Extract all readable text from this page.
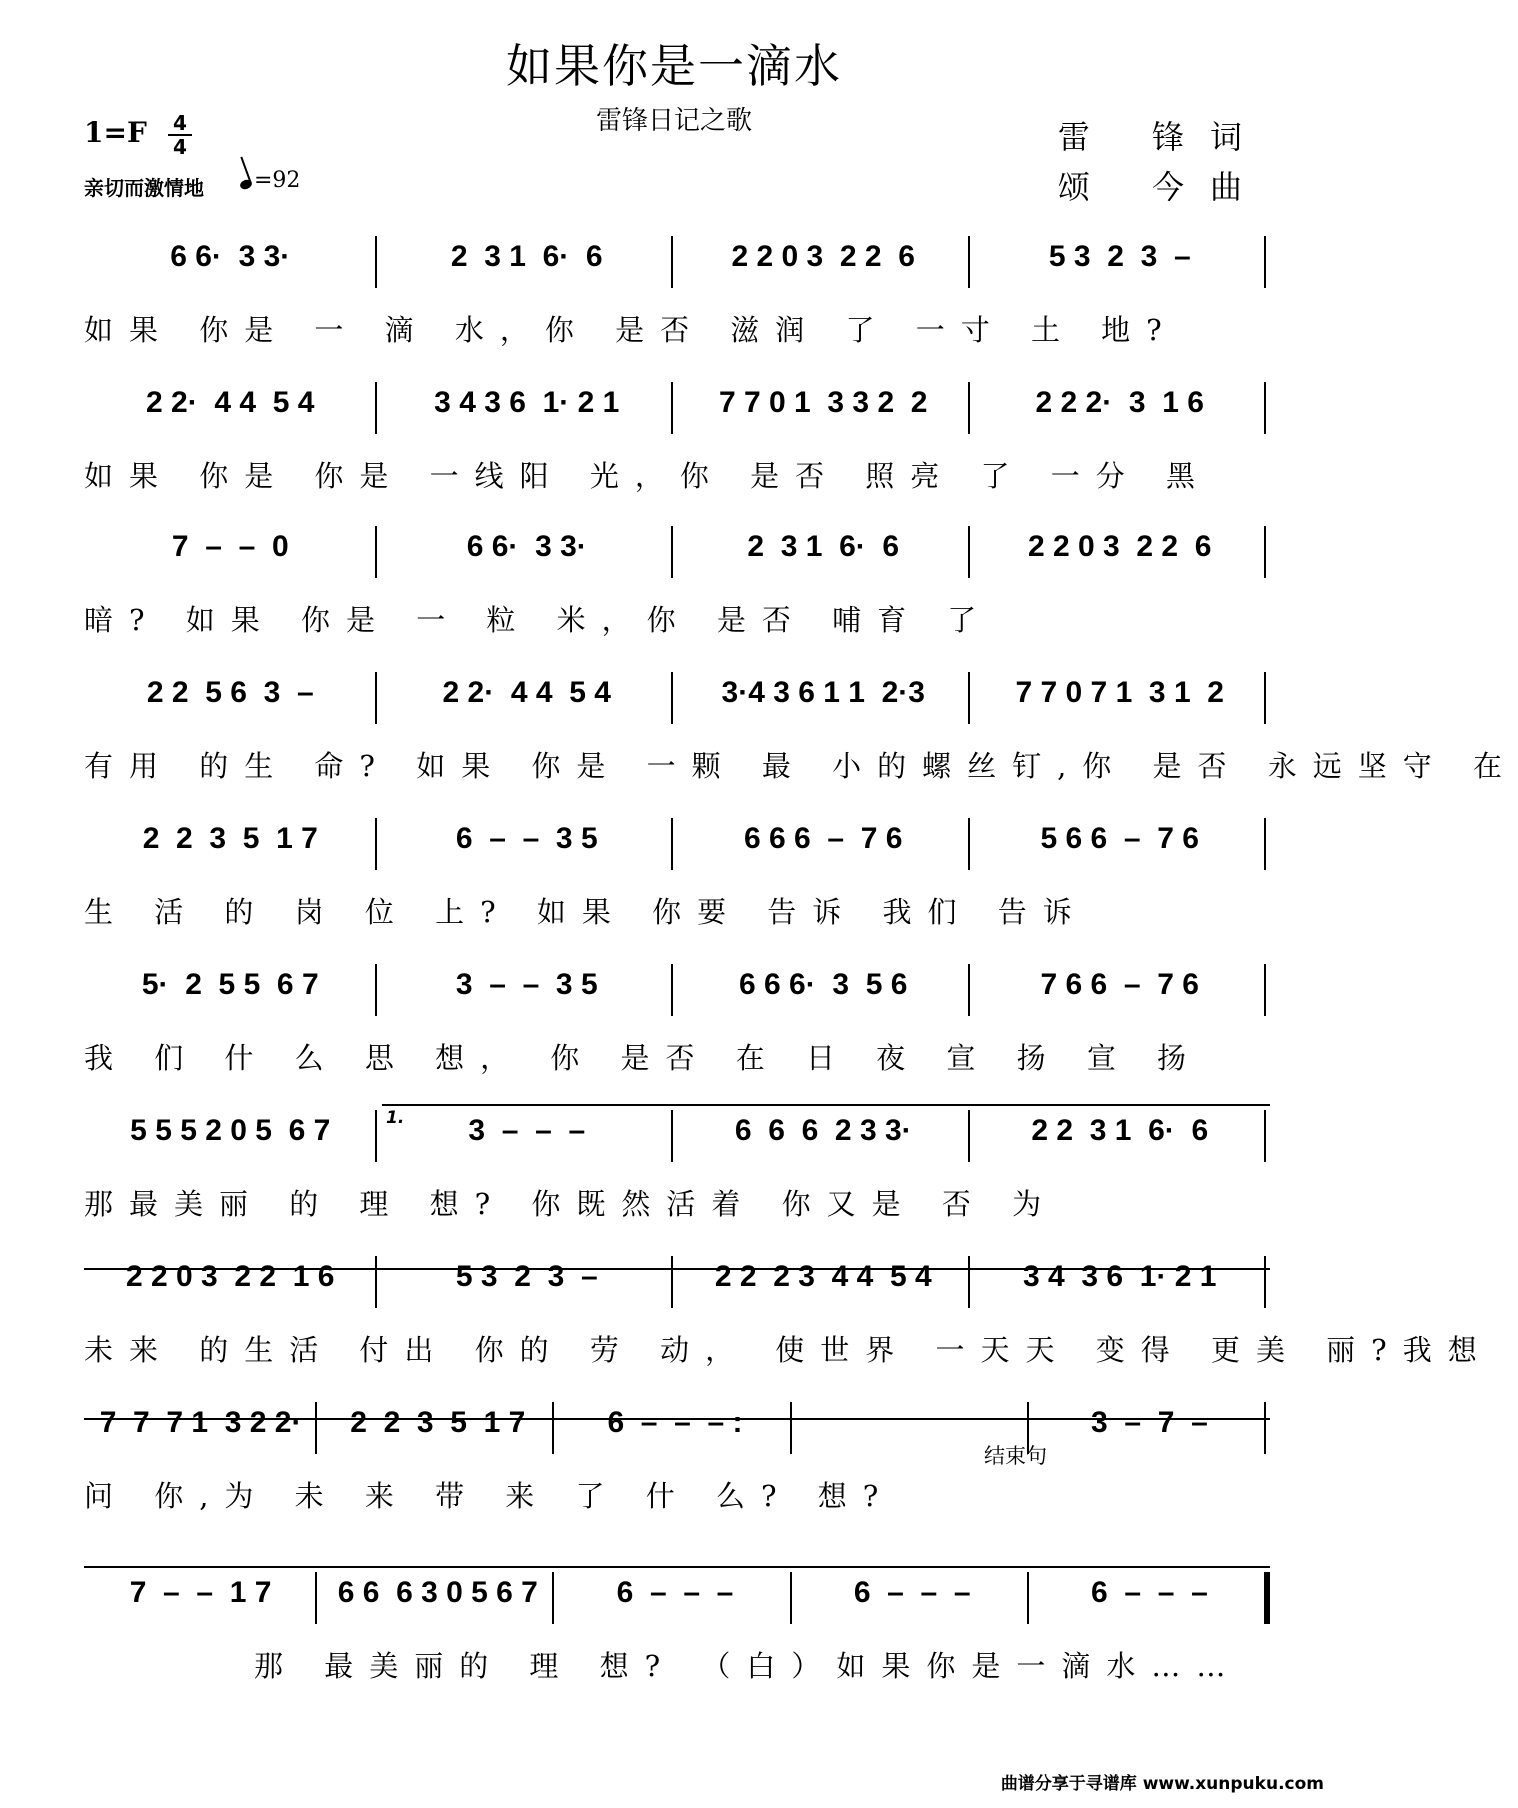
如果你是一滴水
雷锋日记之歌
1=F 4
4
亲切而激情地	=92
雷 锋词
颂 今曲
6 6·  3 3·	2  3 1  6·  6	2 2 0 3  2 2  6	5 3  2  3  –
如果 你是 一 滴 水，你 是否 滋润 了 一寸 土 地?
2 2·  4 4  5 4	3 4 3 6  1· 2 1	7 7 0 1  3 3 2  2	2 2 2·  3  1 6
如果 你是 你是 一线阳 光，你 是否 照亮 了 一分 黑
7  –  –  0	6 6·  3 3·	2  3 1  6·  6	2 2 0 3  2 2  6
暗? 如果 你是 一 粒 米，你 是否 哺育 了
2 2  5 6  3  –	2 2·  4 4  5 4	3·4 3 6 1 1  2·3	7 7 0 7 1  3 1  2
有用 的生 命? 如果 你是 一颗 最 小的螺丝钉,你 是否 永远坚守 在
2  2  3  5  1 7	6  –  –  3 5	6 6 6  –  7 6	5 6 6  –  7 6
生 活 的 岗 位 上? 如果 你要 告诉 我们 告诉
5·  2  5 5  6 7	3  –  –  3 5	6 6 6·  3  5 6	7 6 6  –  7 6
我 们 什 么 思 想， 你 是否 在 日 夜 宣 扬 宣 扬
5 5 5 2 0 5  6 7	3  –  –  –	6  6  6  2 3 3·	2 2  3 1  6·  6
那最美丽 的 理 想? 你既然活着 你又是 否 为
2 2 0 3  2 2  1 6	5 3  2  3  –	2 2  2 3  4 4  5 4	3 4  3 6  1· 2 1
未来 的生活 付出 你的 劳 动， 使世界 一天天 变得 更美 丽?我想
7  7  7 1  3 2 2·	2  2  3  5  1 7	6  –  –  – :	3  –  7  –
问 你,为 未 来 带 来 了 什 么? 想?
7  –  –  1 7	6 6  6 3 0 5 6 7	6  –  –  –	6  –  –  –	6  –  –  –
那 最美丽的 理 想? （白）如果你是一滴水……
1.
结束句
曲谱分享于寻谱库 www.xunpuku.com
